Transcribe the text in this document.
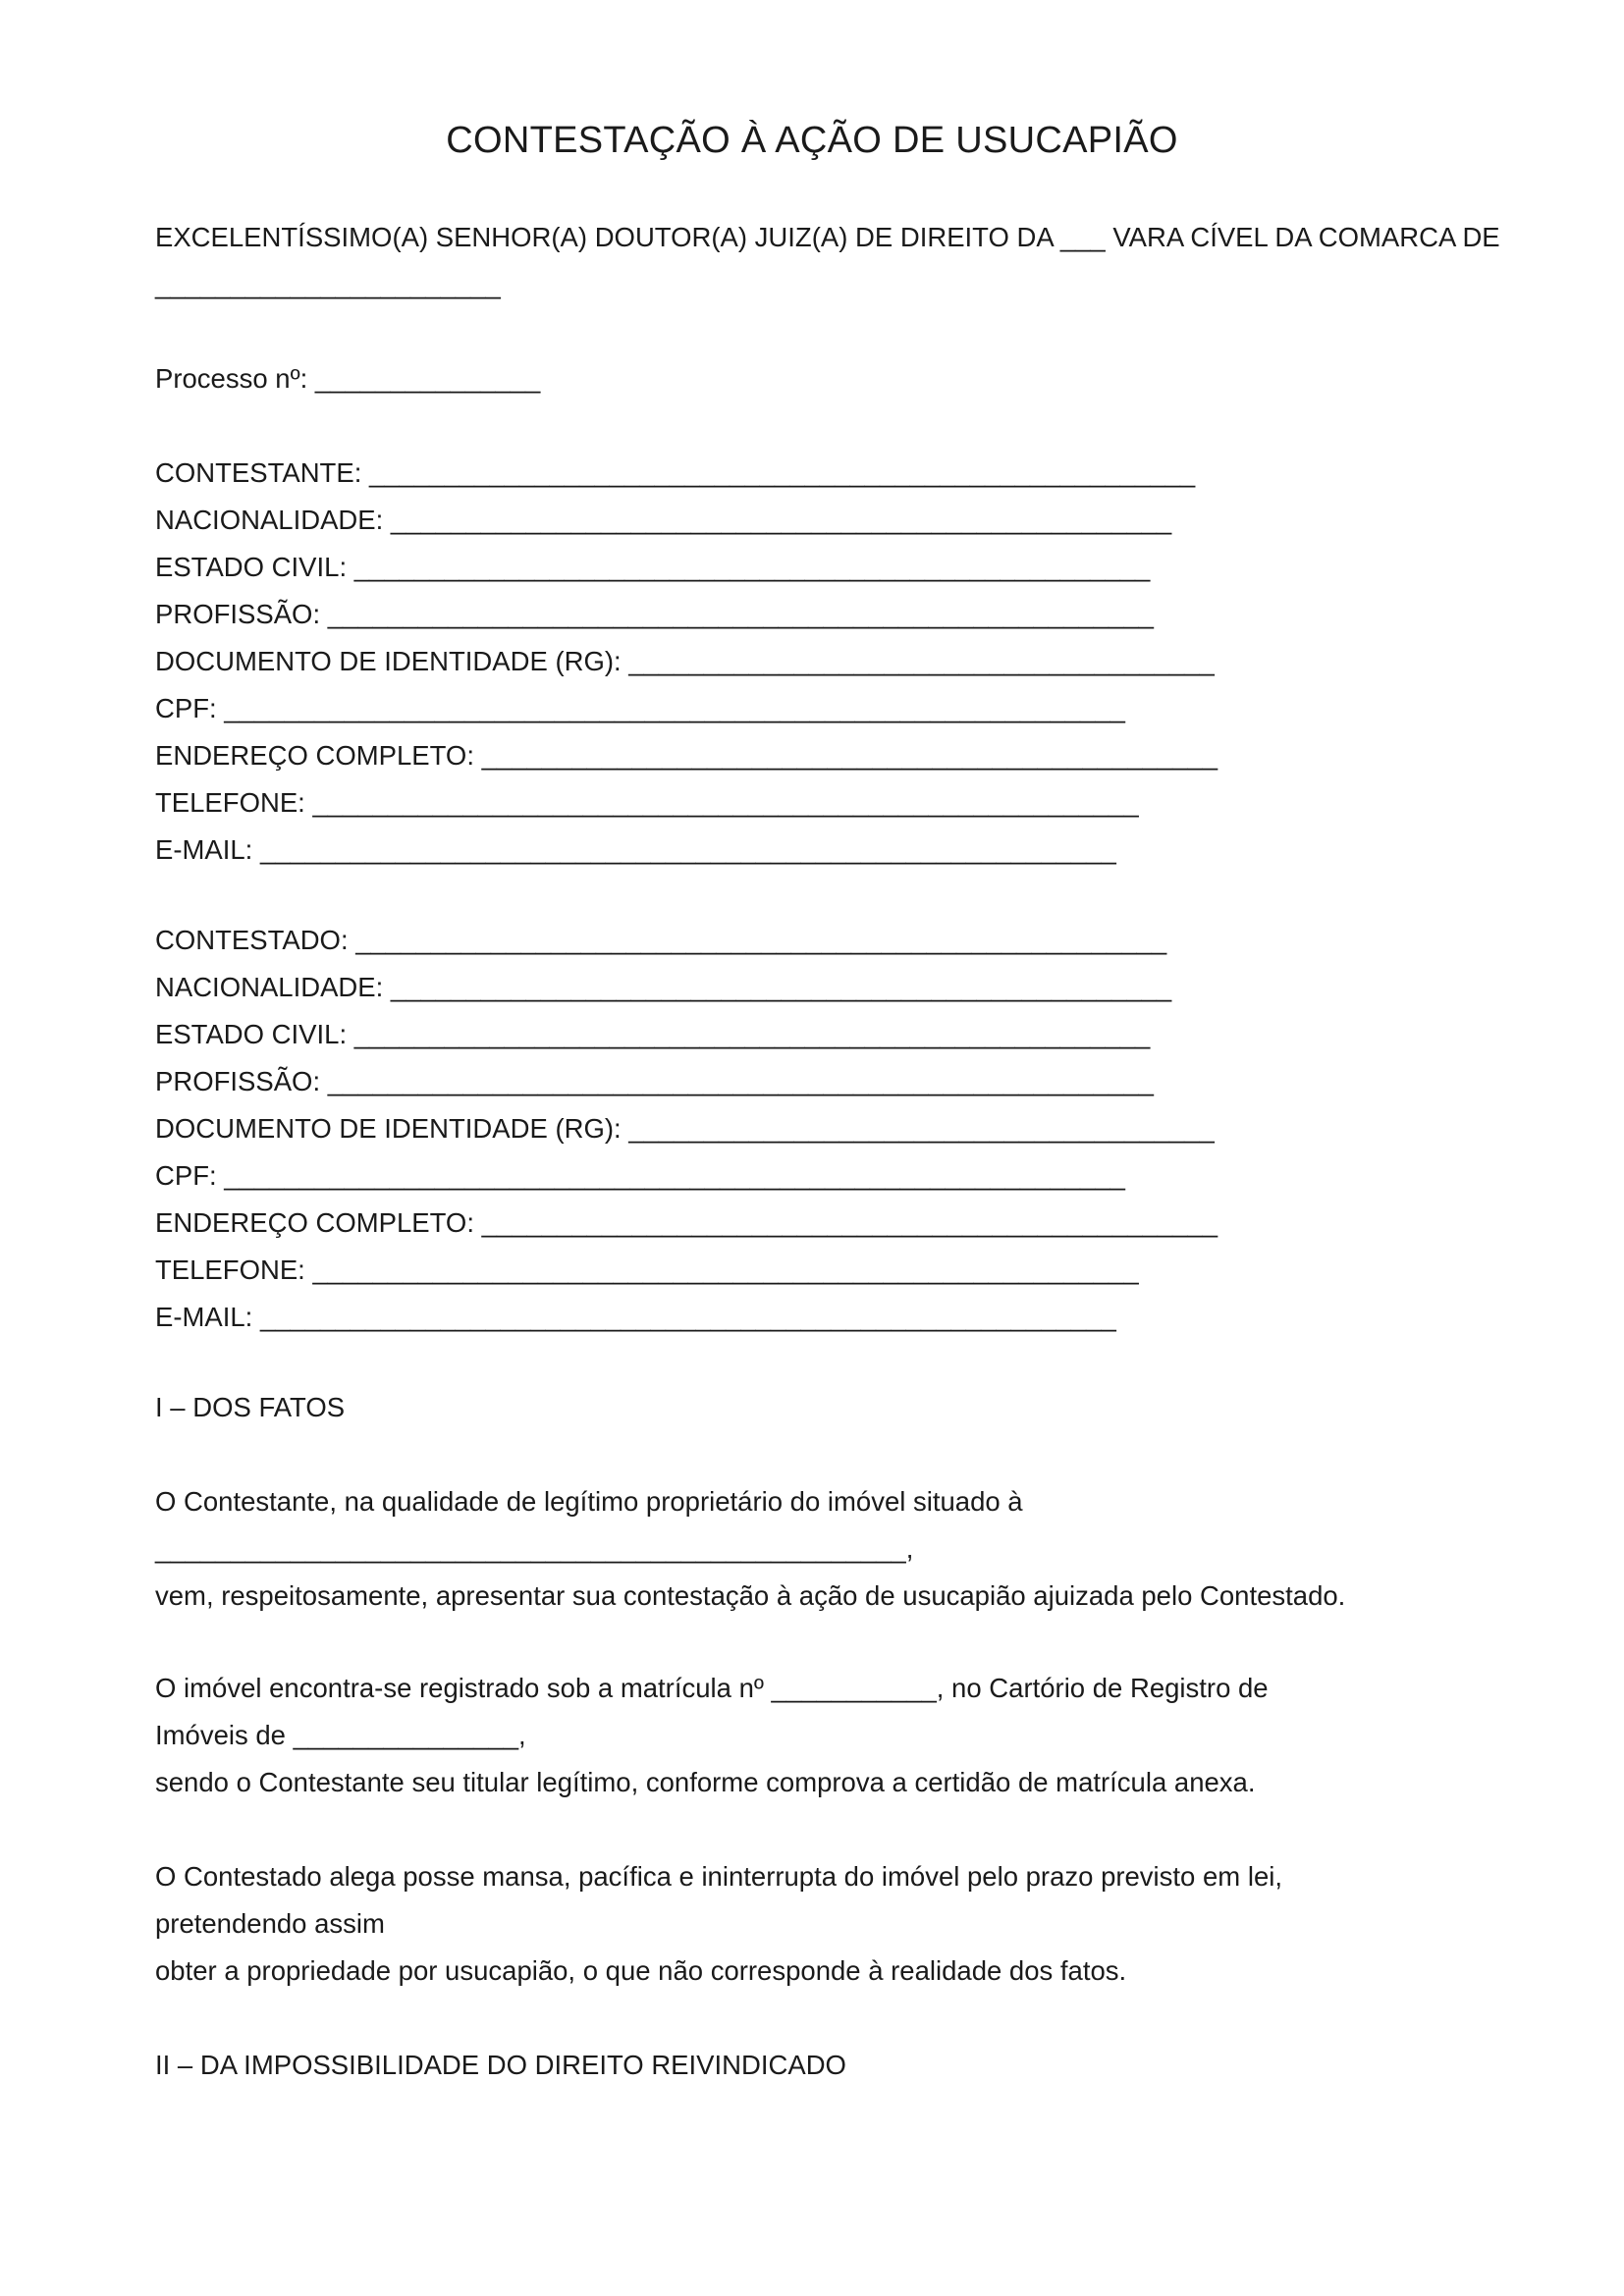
CONTESTAÇÃO À AÇÃO DE USUCAPIÃO
EXCELENTÍSSIMO(A) SENHOR(A) DOUTOR(A) JUIZ(A) DE DIREITO DA ___ VARA CÍVEL DA COMARCA DE
_______________________
Processo nº: _______________
CONTESTANTE: _______________________________________________________
NACIONALIDADE: ____________________________________________________
ESTADO CIVIL: _____________________________________________________
PROFISSÃO: _______________________________________________________
DOCUMENTO DE IDENTIDADE (RG): _______________________________________
CPF: ____________________________________________________________
ENDEREÇO COMPLETO: _________________________________________________
TELEFONE: _______________________________________________________
E-MAIL: _________________________________________________________
CONTESTADO: ______________________________________________________
NACIONALIDADE: ____________________________________________________
ESTADO CIVIL: _____________________________________________________
PROFISSÃO: _______________________________________________________
DOCUMENTO DE IDENTIDADE (RG): _______________________________________
CPF: ____________________________________________________________
ENDEREÇO COMPLETO: _________________________________________________
TELEFONE: _______________________________________________________
E-MAIL: _________________________________________________________
I – DOS FATOS
O Contestante, na qualidade de legítimo proprietário do imóvel situado à
__________________________________________________,
vem, respeitosamente, apresentar sua contestação à ação de usucapião ajuizada pelo Contestado.
O imóvel encontra-se registrado sob a matrícula nº ___________, no Cartório de Registro de
Imóveis de _______________,
sendo o Contestante seu titular legítimo, conforme comprova a certidão de matrícula anexa.
O Contestado alega posse mansa, pacífica e ininterrupta do imóvel pelo prazo previsto em lei,
pretendendo assim
obter a propriedade por usucapião, o que não corresponde à realidade dos fatos.
II – DA IMPOSSIBILIDADE DO DIREITO REIVINDICADO
